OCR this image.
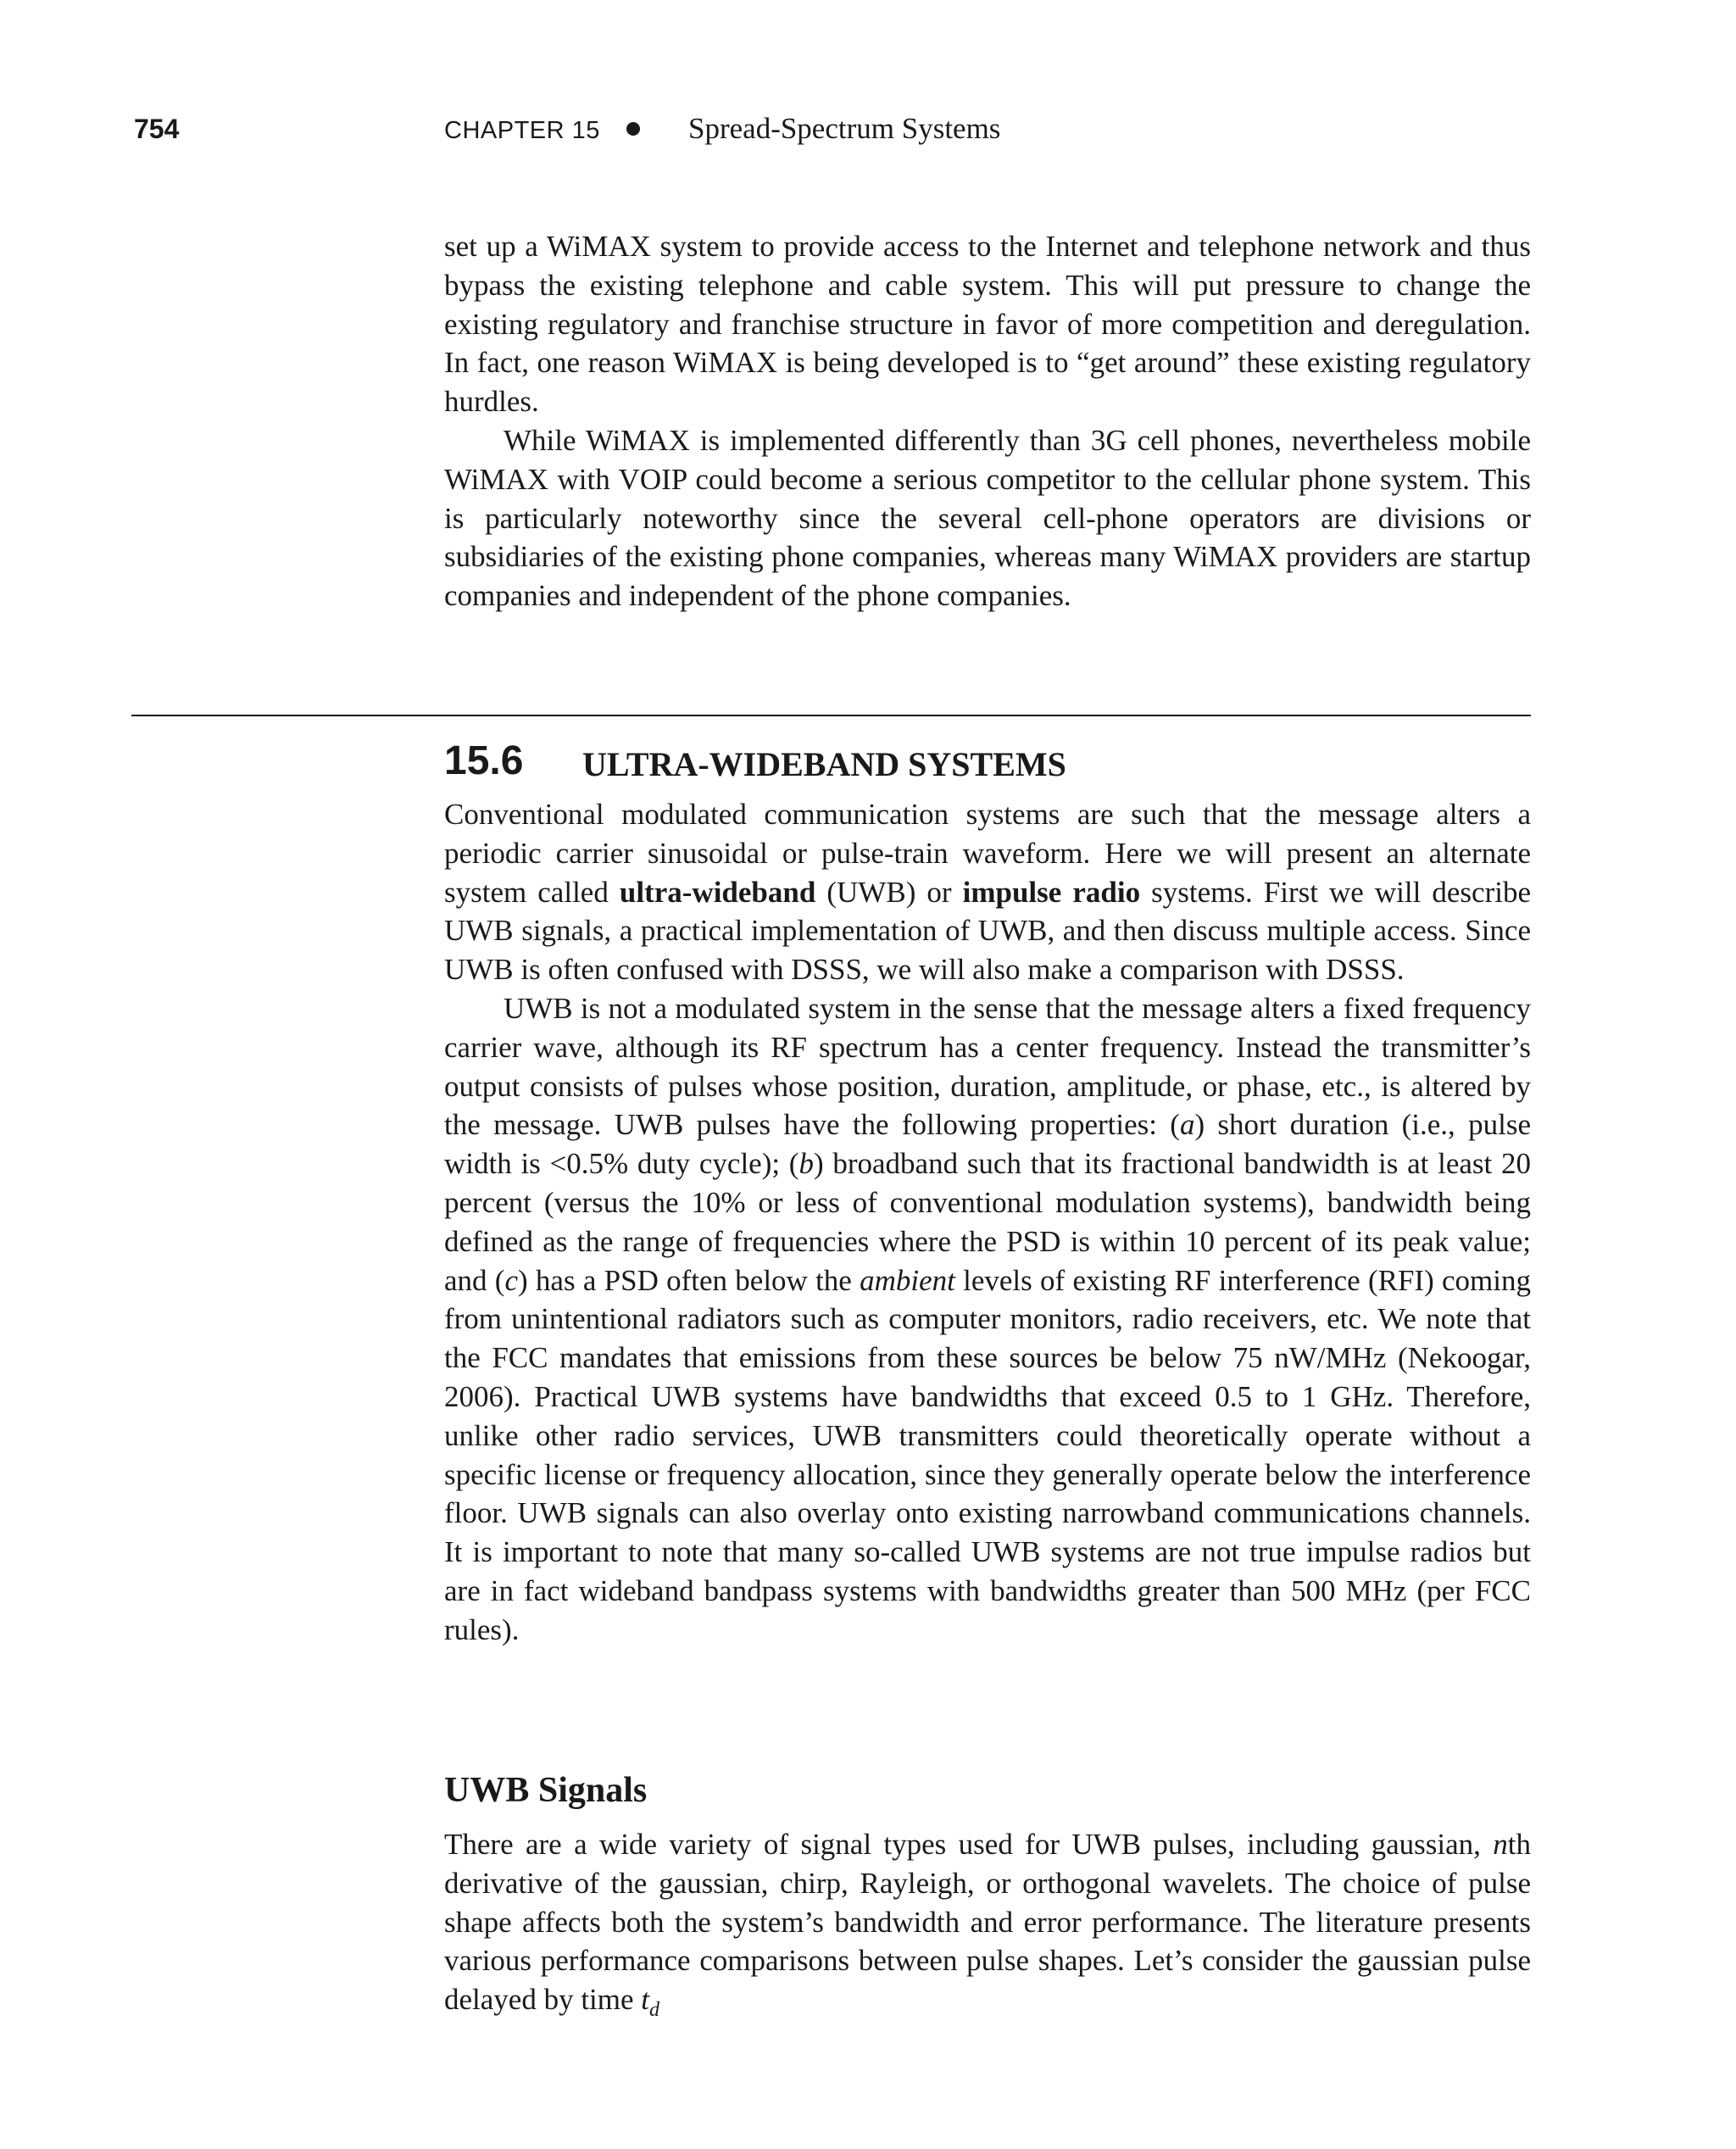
754	CHAPTER 15	Spread-Spectrum Systems

set up a WiMAX system to provide access to the Internet and telephone network and thus bypass the existing telephone and cable system. This will put pressure to change the existing regulatory and franchise structure in favor of more competition and deregulation. In fact, one reason WiMAX is being developed is to “get around” these existing regulatory hurdles.

While WiMAX is implemented differently than 3G cell phones, nevertheless mobile WiMAX with VOIP could become a serious competitor to the cellular phone system. This is particularly noteworthy since the several cell-phone operators are divisions or subsidiaries of the existing phone companies, whereas many WiMAX providers are startup companies and independent of the phone companies.

15.6 ULTRA-WIDEBAND SYSTEMS

Conventional modulated communication systems are such that the message alters a periodic carrier sinusoidal or pulse-train waveform. Here we will present an alternate system called ultra-wideband (UWB) or impulse radio systems. First we will describe UWB signals, a practical implementation of UWB, and then discuss multiple access. Since UWB is often confused with DSSS, we will also make a comparison with DSSS.

UWB is not a modulated system in the sense that the message alters a fixed frequency carrier wave, although its RF spectrum has a center frequency. Instead the transmitter’s output consists of pulses whose position, duration, amplitude, or phase, etc., is altered by the message. UWB pulses have the following properties: (a) short duration (i.e., pulse width is <0.5% duty cycle); (b) broadband such that its fractional bandwidth is at least 20 percent (versus the 10% or less of conventional modulation systems), bandwidth being defined as the range of frequencies where the PSD is within 10 percent of its peak value; and (c) has a PSD often below the ambient levels of existing RF interference (RFI) coming from unintentional radiators such as computer monitors, radio receivers, etc. We note that the FCC mandates that emissions from these sources be below 75 nW/MHz (Nekoogar, 2006). Practical UWB systems have bandwidths that exceed 0.5 to 1 GHz. Therefore, unlike other radio services, UWB transmitters could theoretically operate without a specific license or frequency allocation, since they generally operate below the interference floor. UWB signals can also overlay onto existing narrowband communications channels. It is important to note that many so-called UWB systems are not true impulse radios but are in fact wideband bandpass systems with bandwidths greater than 500 MHz (per FCC rules).

UWB Signals

There are a wide variety of signal types used for UWB pulses, including gaussian, nth derivative of the gaussian, chirp, Rayleigh, or orthogonal wavelets. The choice of pulse shape affects both the system’s bandwidth and error performance. The literature presents various performance comparisons between pulse shapes. Let’s consider the gaussian pulse delayed by time $t_d$
